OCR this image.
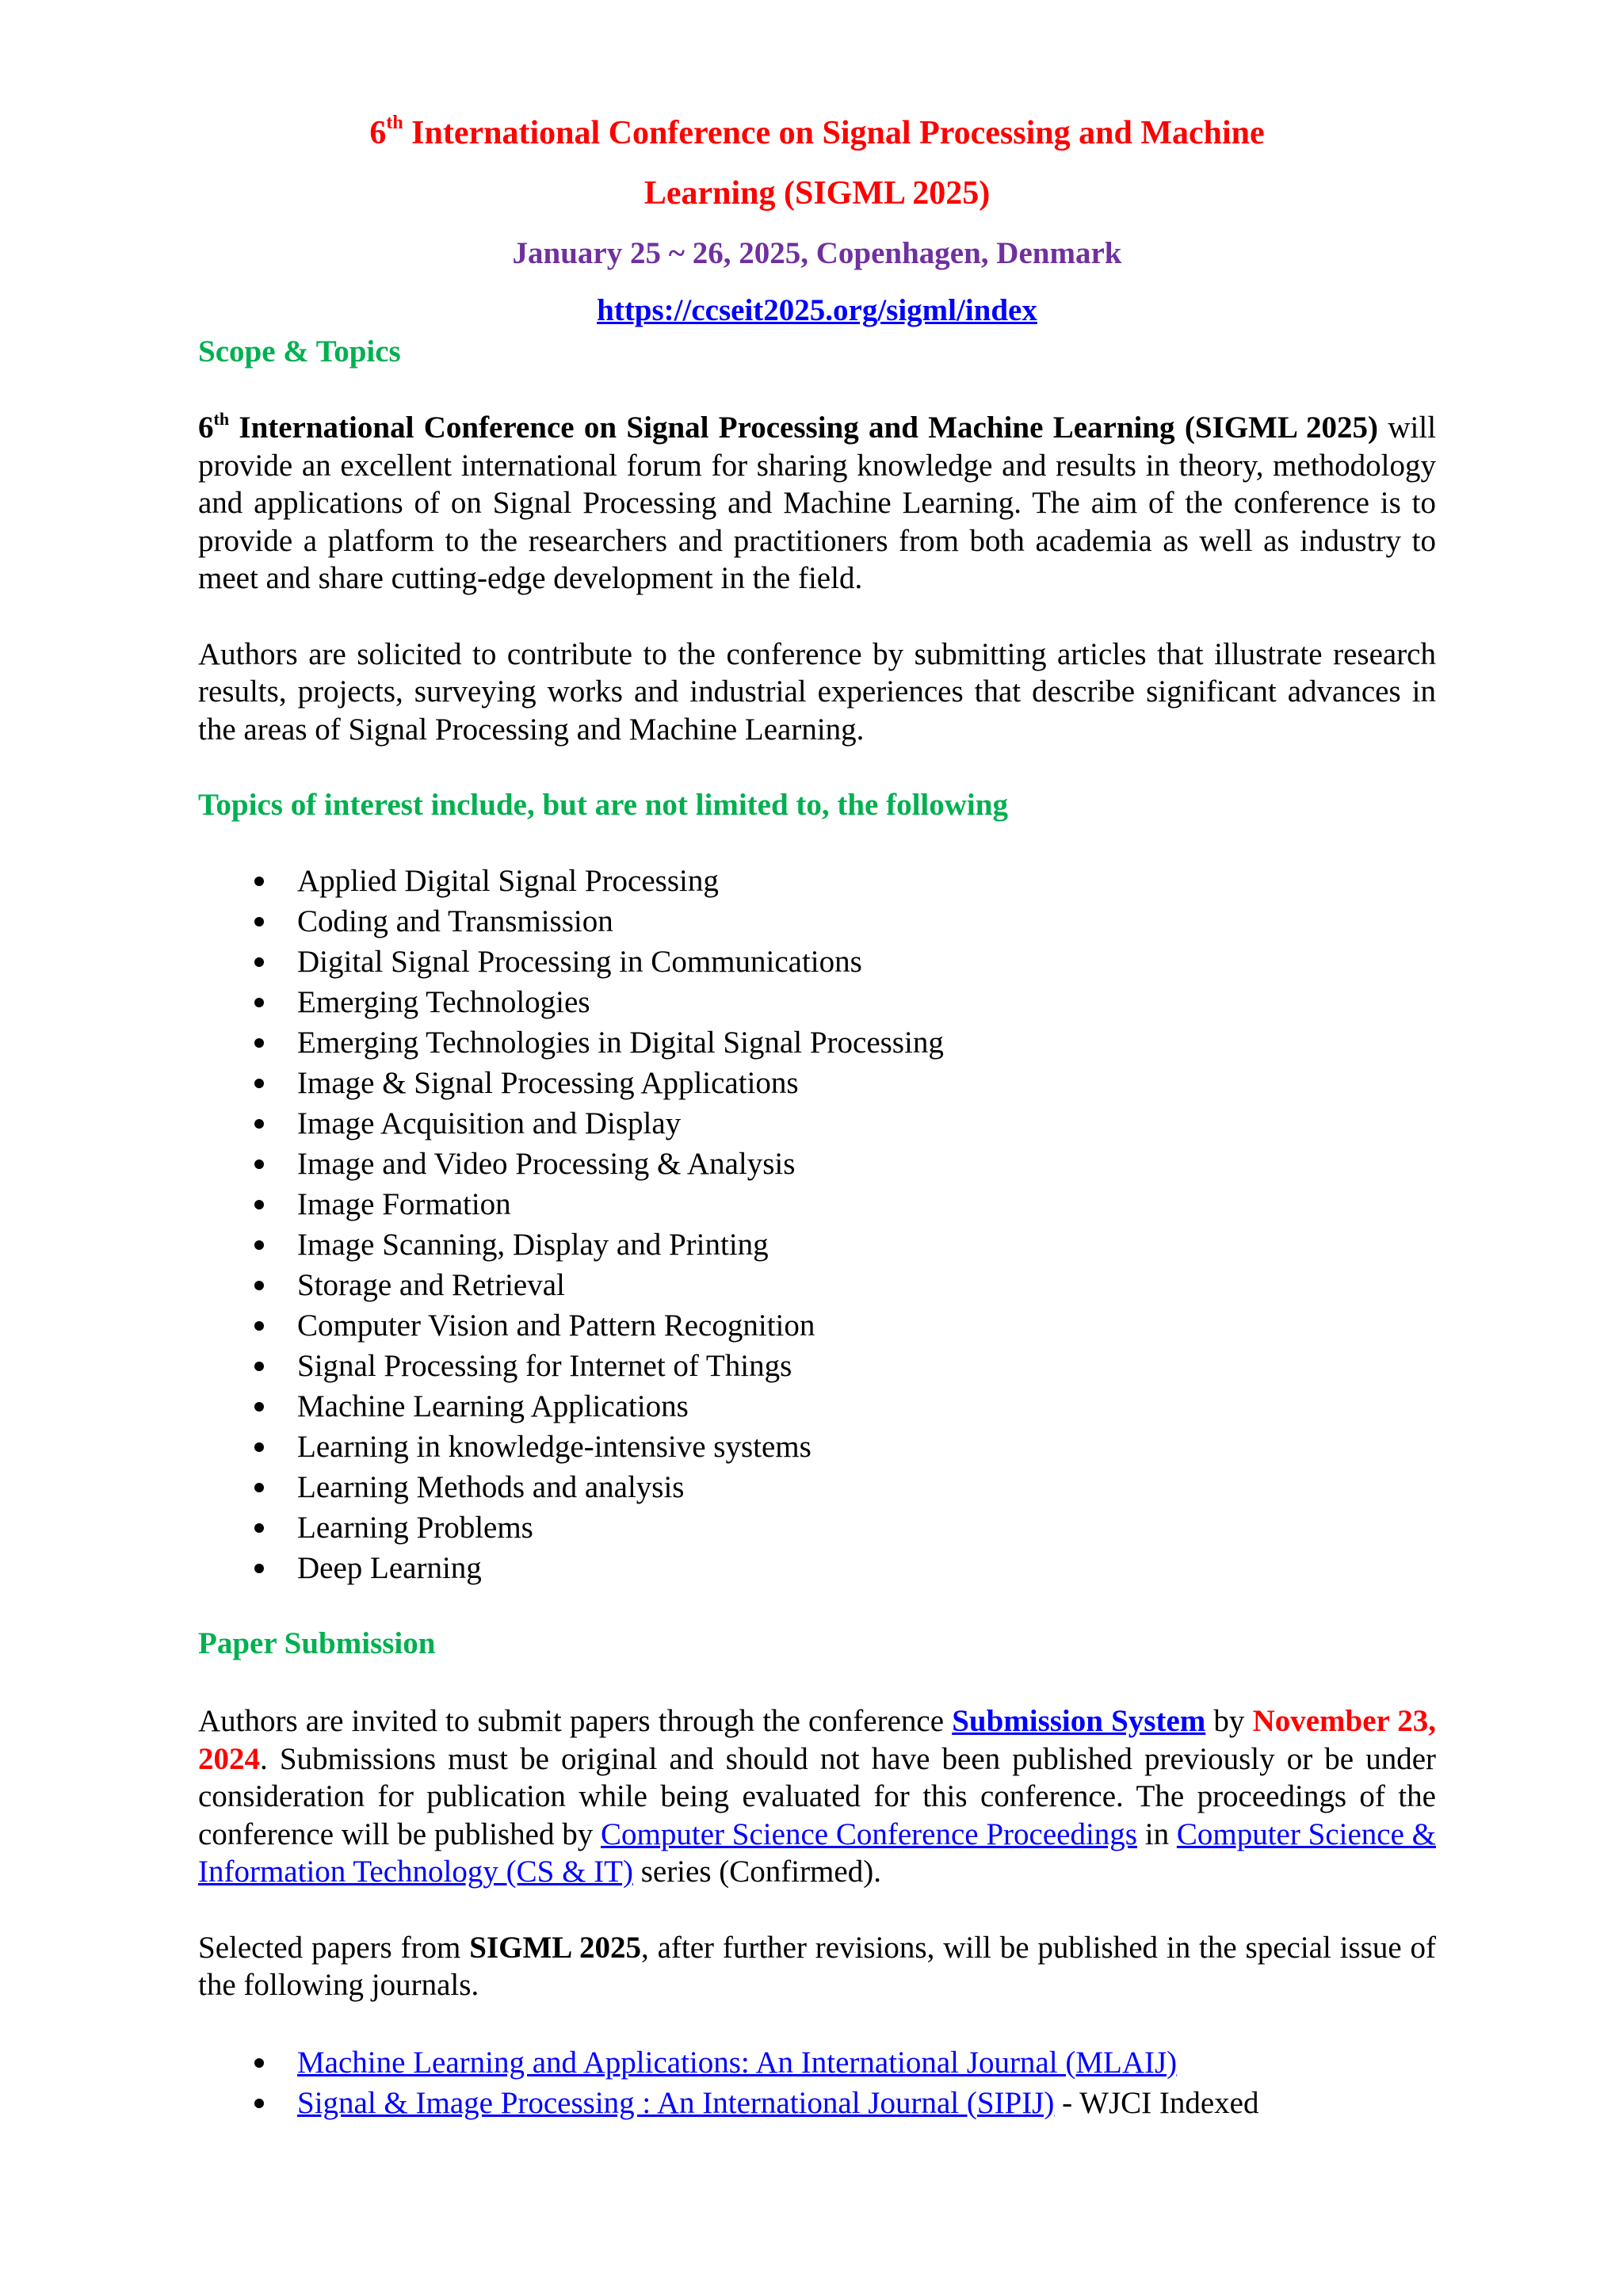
6th International Conference on Signal Processing and Machine

Learning (SIGML 2025)

January 25 ~ 26, 2025, Copenhagen, Denmark

https://ccseit2025.org/sigml/index

Scope & Topics

6th International Conference on Signal Processing and Machine Learning (SIGML 2025) will provide an excellent international forum for sharing knowledge and results in theory, methodology and applications of on Signal Processing and Machine Learning. The aim of the conference is to provide a platform to the researchers and practitioners from both academia as well as industry to meet and share cutting-edge development in the field.

Authors are solicited to contribute to the conference by submitting articles that illustrate research results, projects, surveying works and industrial experiences that describe significant advances in the areas of Signal Processing and Machine Learning.

Topics of interest include, but are not limited to, the following

Applied Digital Signal Processing
Coding and Transmission
Digital Signal Processing in Communications
Emerging Technologies
Emerging Technologies in Digital Signal Processing
Image & Signal Processing Applications
Image Acquisition and Display
Image and Video Processing & Analysis
Image Formation
Image Scanning, Display and Printing
Storage and Retrieval
Computer Vision and Pattern Recognition
Signal Processing for Internet of Things
Machine Learning Applications
Learning in knowledge-intensive systems
Learning Methods and analysis
Learning Problems
Deep Learning

Paper Submission

Authors are invited to submit papers through the conference Submission System by November 23, 2024. Submissions must be original and should not have been published previously or be under consideration for publication while being evaluated for this conference. The proceedings of the conference will be published by Computer Science Conference Proceedings in Computer Science & Information Technology (CS & IT) series (Confirmed).

Selected papers from SIGML 2025, after further revisions, will be published in the special issue of the following journals.

Machine Learning and Applications: An International Journal (MLAIJ)
Signal & Image Processing : An International Journal (SIPIJ) - WJCI Indexed
